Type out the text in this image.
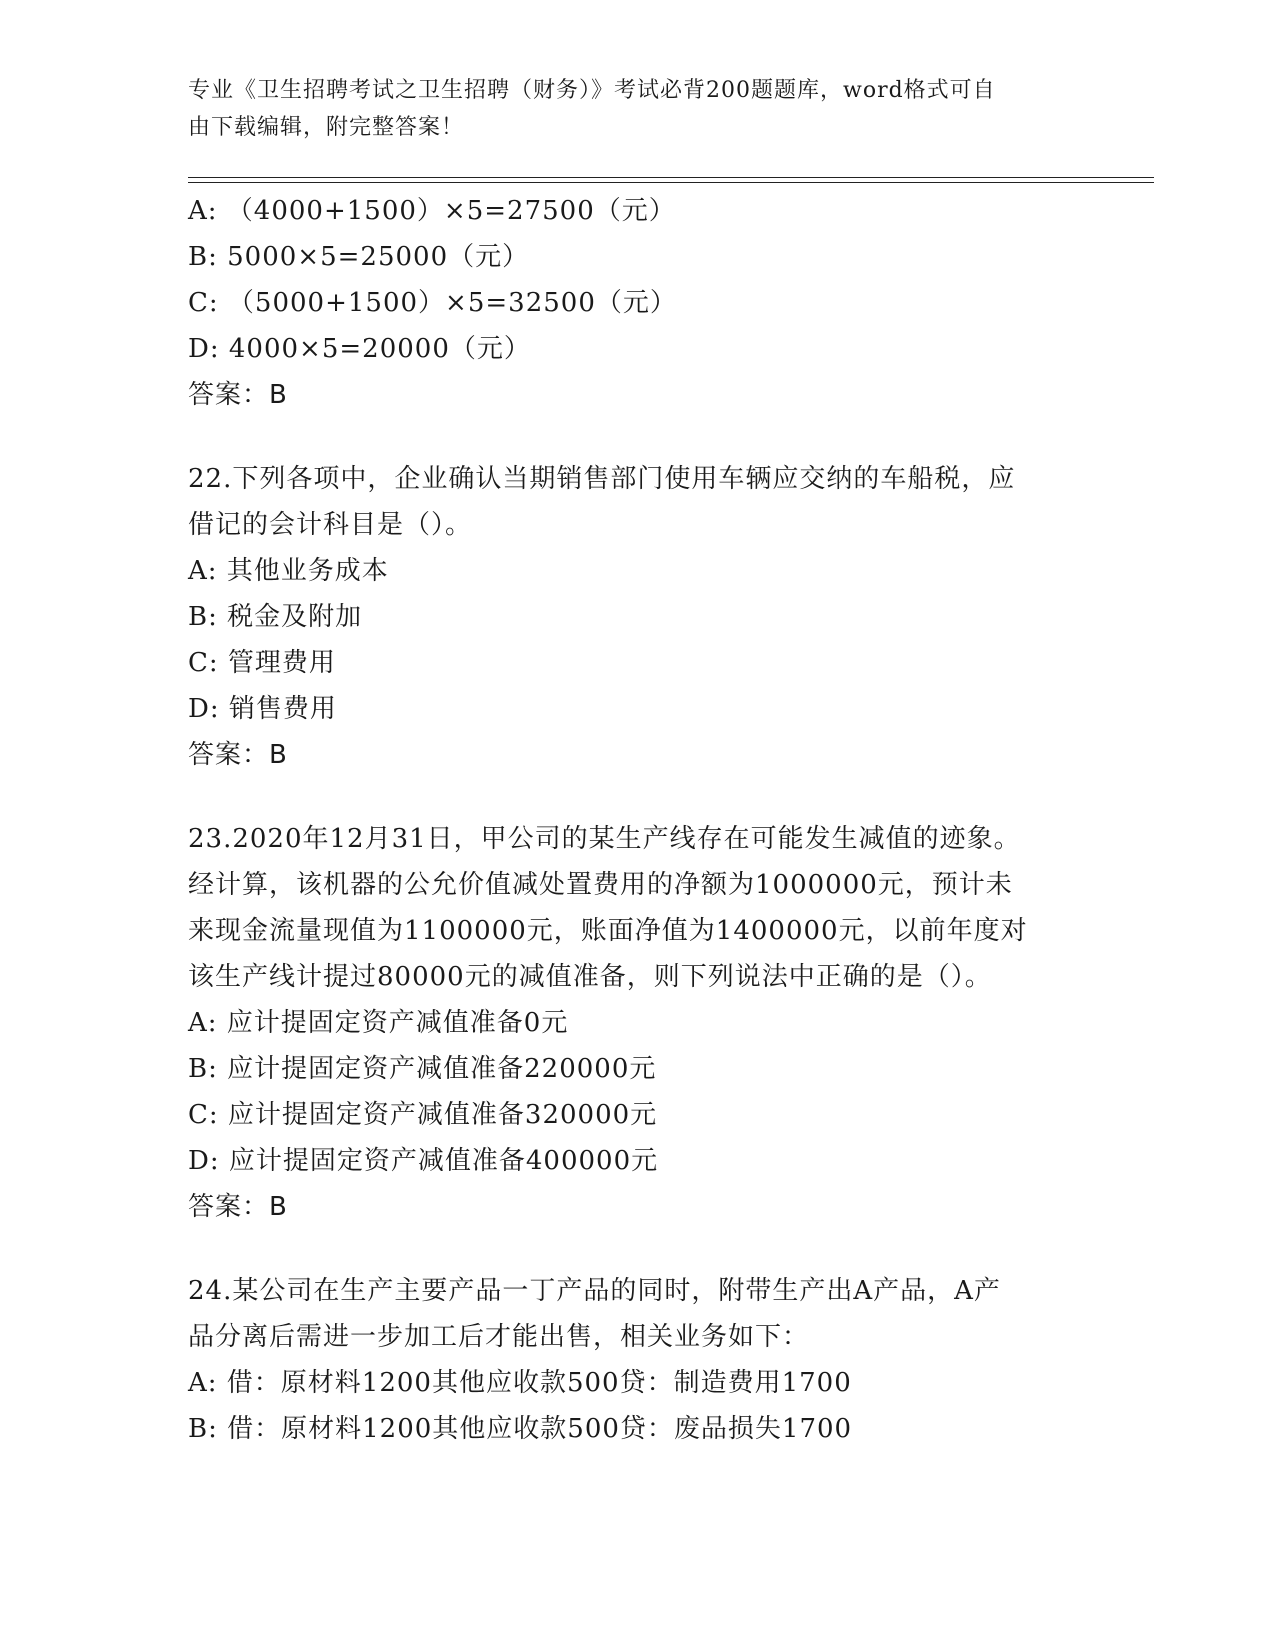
专业《卫生招聘考试之卫生招聘（财务）》考试必背200题题库，word格式可自
由下载编辑，附完整答案！
A: （4000+1500）×5=27500（元）
B: 5000×5=25000（元）
C: （5000+1500）×5=32500（元）
D: 4000×5=20000（元）
答案：B
22.下列各项中，企业确认当期销售部门使用车辆应交纳的车船税，应
借记的会计科目是（）。
A: 其他业务成本
B: 税金及附加
C: 管理费用
D: 销售费用
答案：B
23.2020年12月31日，甲公司的某生产线存在可能发生减值的迹象。
经计算，该机器的公允价值减处置费用的净额为1000000元，预计未
来现金流量现值为1100000元，账面净值为1400000元，以前年度对
该生产线计提过80000元的减值准备，则下列说法中正确的是（）。
A: 应计提固定资产减值准备0元
B: 应计提固定资产减值准备220000元
C: 应计提固定资产减值准备320000元
D: 应计提固定资产减值准备400000元
答案：B
24.某公司在生产主要产品一丁产品的同时，附带生产出A产品，A产
品分离后需进一步加工后才能出售，相关业务如下：
A: 借：原材料1200其他应收款500贷：制造费用1700
B: 借：原材料1200其他应收款500贷：废品损失1700
